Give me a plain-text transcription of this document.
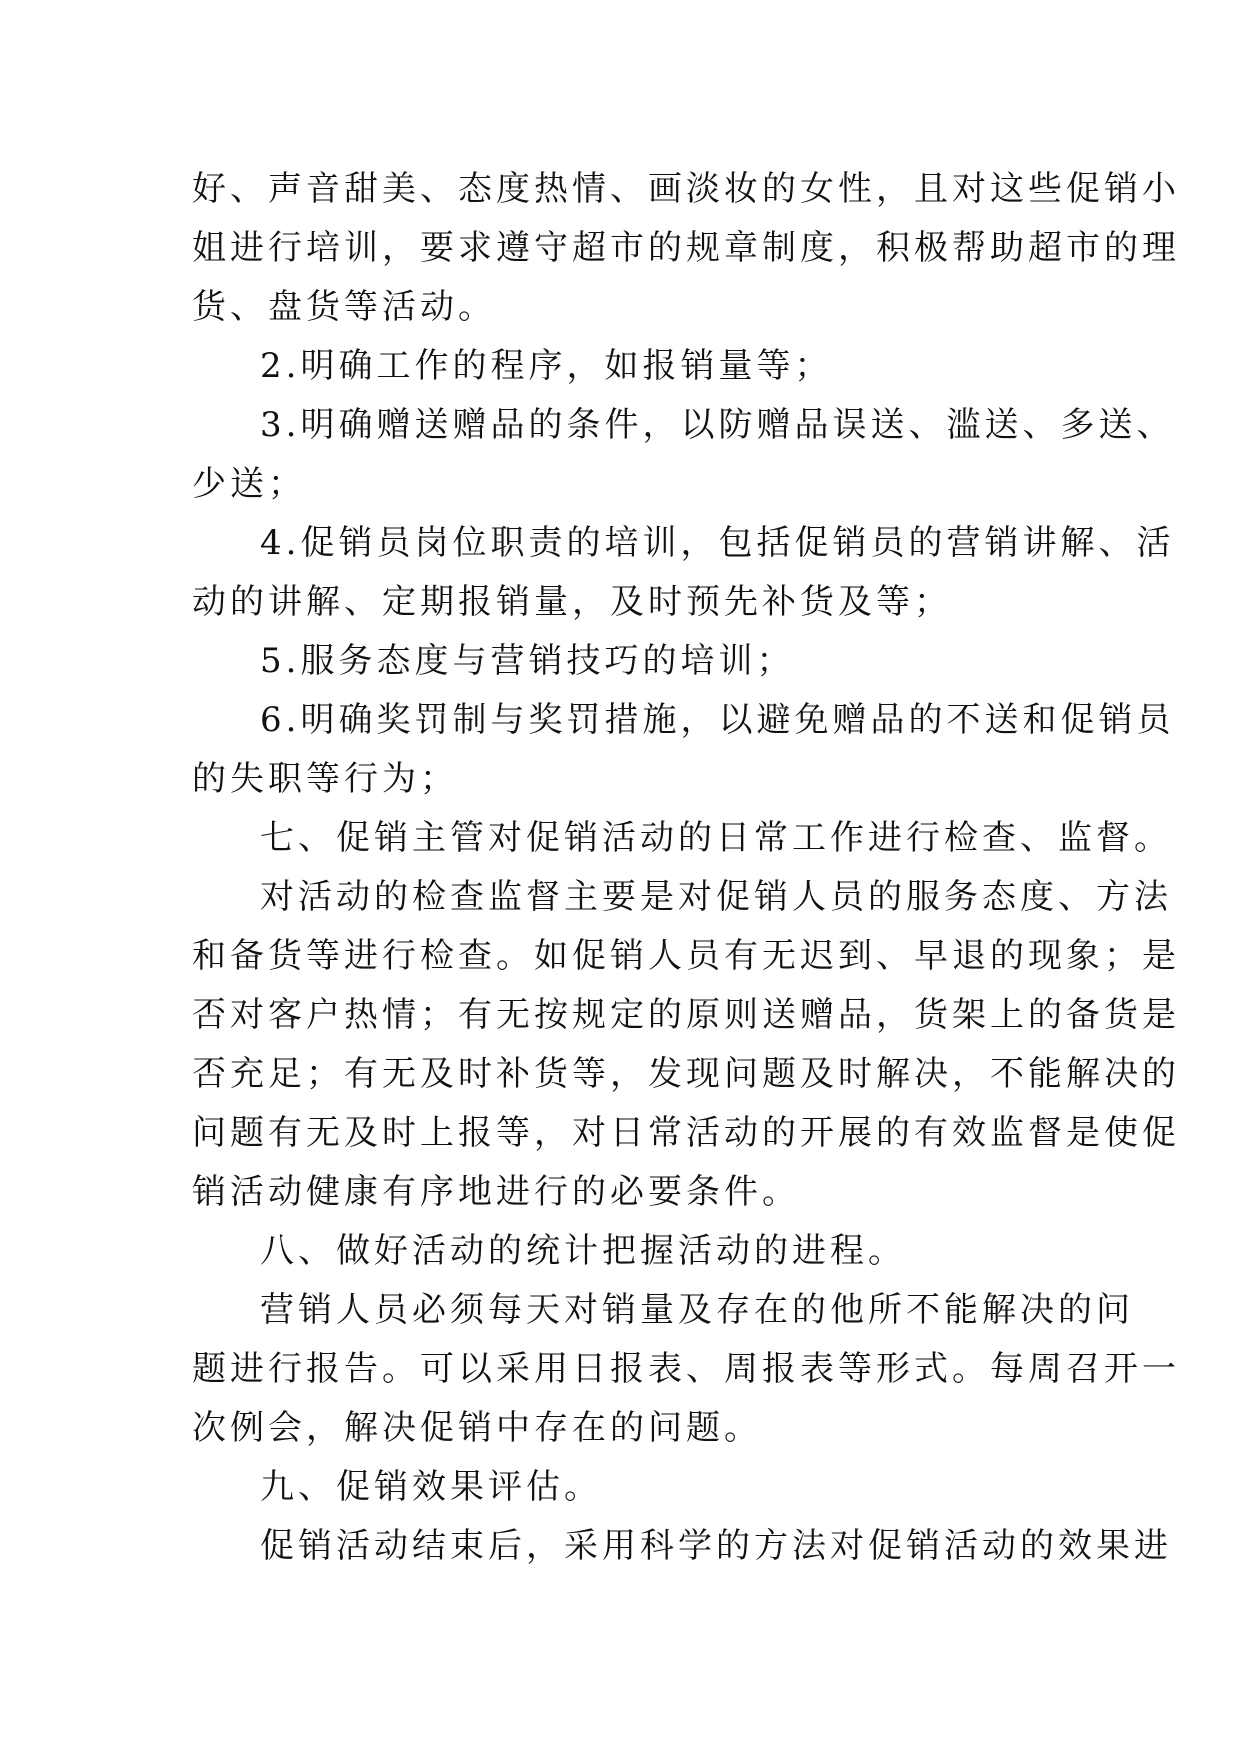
好、声音甜美、态度热情、画淡妆的女性，且对这些促销小
姐进行培训，要求遵守超市的规章制度，积极帮助超市的理
货、盘货等活动。
2.明确工作的程序，如报销量等；
3.明确赠送赠品的条件，以防赠品误送、滥送、多送、
少送；
4.促销员岗位职责的培训，包括促销员的营销讲解、活
动的讲解、定期报销量，及时预先补货及等；
5.服务态度与营销技巧的培训；
6.明确奖罚制与奖罚措施，以避免赠品的不送和促销员
的失职等行为；
七、促销主管对促销活动的日常工作进行检查、监督。
对活动的检查监督主要是对促销人员的服务态度、方法
和备货等进行检查。如促销人员有无迟到、早退的现象；是
否对客户热情；有无按规定的原则送赠品，货架上的备货是
否充足；有无及时补货等，发现问题及时解决，不能解决的
问题有无及时上报等，对日常活动的开展的有效监督是使促
销活动健康有序地进行的必要条件。
八、做好活动的统计把握活动的进程。
营销人员必须每天对销量及存在的他所不能解决的问
题进行报告。可以采用日报表、周报表等形式。每周召开一
次例会，解决促销中存在的问题。
九、促销效果评估。
促销活动结束后，采用科学的方法对促销活动的效果进
